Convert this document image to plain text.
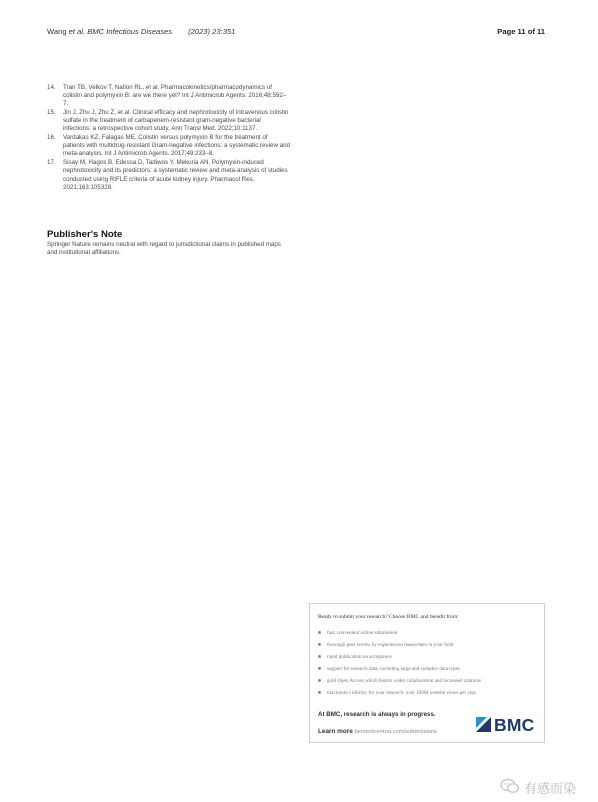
Wang et al. BMC Infectious Diseases (2023) 23:351	Page 11 of 11
14. Tran TB, Velkov T, Nation RL, et al. Pharmacokinetics/pharmacodynamics of colistin and polymyxin B: are we there yet? Int J Antimicrob Agents. 2016;48:592–7.
15. Jin J, Zhu J, Zhu Z, et al. Clinical efficacy and nephrotoxicity of intravenous colistin sulfate in the treatment of carbapenem-resistant gram-negative bacterial infections: a retrospective cohort study. Ann Transl Med. 2022;10:1137.
16. Vardakas KZ, Falagas ME. Colistin versus polymyxin B for the treatment of patients with multidrug-resistant Gram-negative infections: a systematic review and meta-analysis. Int J Antimicrob Agents. 2017;49:233–8.
17. Sisay M, Hagos B, Edessa D, Tadiwos Y, Mekuria AN. Polymyxin-induced nephrotoxicity and its predictors: a systematic review and meta-analysis of studies conducted using RIFLE criteria of acute kidney injury. Pharmacol Res. 2021;163:105328.
Publisher's Note
Springer Nature remains neutral with regard to jurisdictional claims in published maps and institutional affiliations.
Ready to submit your research? Choose BMC and benefit from:
fast, convenient online submission
thorough peer review by experienced researchers in your field
rapid publication on acceptance
support for research data, including large and complex data types
gold Open Access which fosters wider collaboration and increased citations
maximum visibility for your research: over 100M website views per year
At BMC, research is always in progress.
Learn more biomedcentral.com/submissions	BMC
有感而染
